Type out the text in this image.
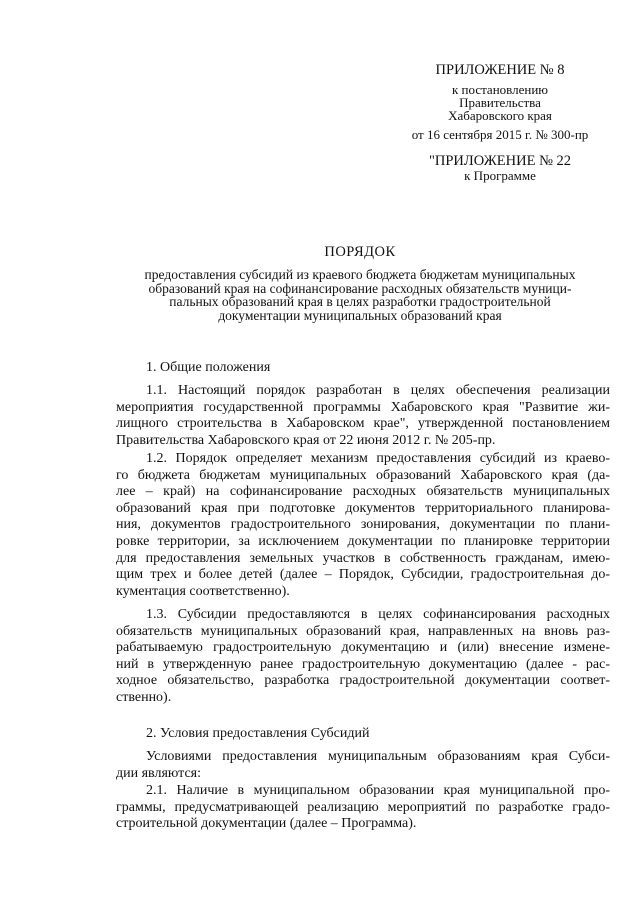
ПРИЛОЖЕНИЕ № 8
к постановлению
Правительства
Хабаровского края
от 16 сентября 2015 г. № 300-пр
"ПРИЛОЖЕНИЕ № 22
к Программе
ПОРЯДОК
предоставления субсидий из краевого бюджета бюджетам муниципальных
образований края на софинансирование расходных обязательств муници-
пальных образований края в целях разработки градостроительной
документации муниципальных образований края
1. Общие положения
1.1. Настоящий порядок разработан в целях обеспечения реализации
мероприятия государственной программы Хабаровского края "Развитие жи-
лищного строительства в Хабаровском крае", утвержденной постановлением
Правительства Хабаровского края от 22 июня 2012 г. № 205-пр.
1.2. Порядок определяет механизм предоставления субсидий из краево-
го бюджета бюджетам муниципальных образований Хабаровского края (да-
лее – край) на софинансирование расходных обязательств муниципальных
образований края при подготовке документов территориального планирова-
ния, документов градостроительного зонирования, документации по плани-
ровке территории, за исключением документации по планировке территории
для предоставления земельных участков в собственность гражданам, имею-
щим трех и более детей (далее – Порядок, Субсидии, градостроительная до-
кументация соответственно).
1.3. Субсидии предоставляются в целях софинансирования расходных
обязательств муниципальных образований края, направленных на вновь раз-
рабатываемую градостроительную документацию и (или) внесение измене-
ний в утвержденную ранее градостроительную документацию (далее - рас-
ходное обязательство, разработка градостроительной документации соответ-
ственно).
2. Условия предоставления Субсидий
Условиями предоставления муниципальным образованиям края Субси-
дии являются:
2.1. Наличие в муниципальном образовании края муниципальной про-
граммы, предусматривающей реализацию мероприятий по разработке градо-
строительной документации (далее – Программа).
